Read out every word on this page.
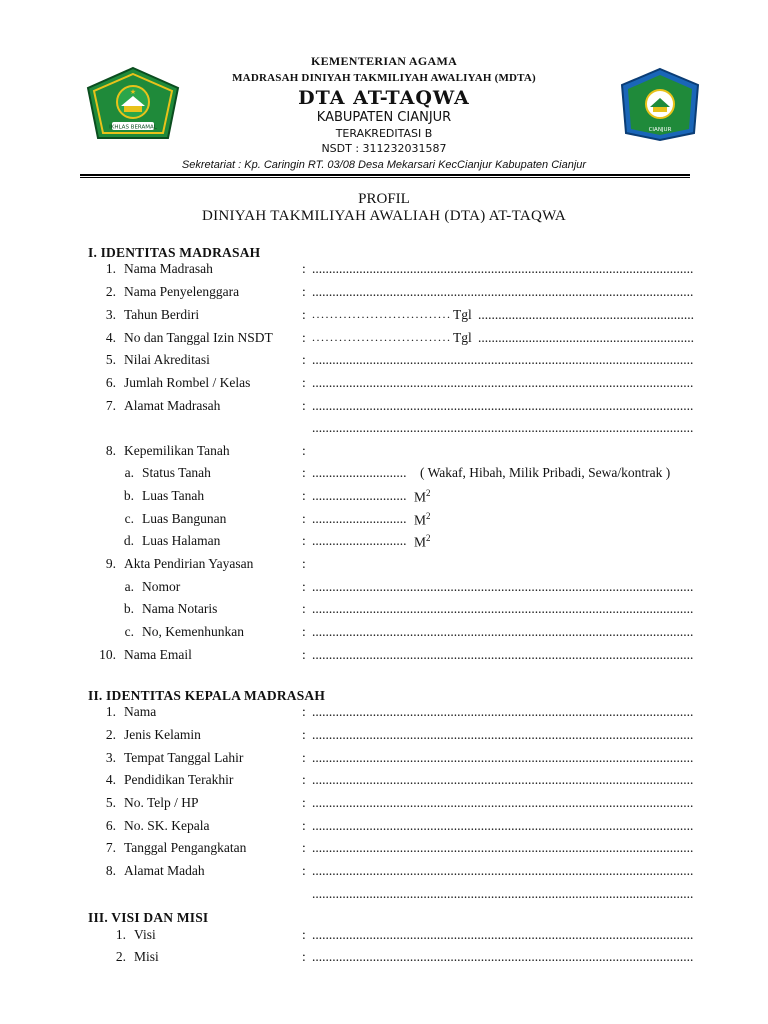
★
IKHLAS BERAMAL	CIANJUR
KEMENTERIAN AGAMA
MADRASAH DINIYAH TAKMILIYAH AWALIYAH (MDTA)
DTA AT-TAQWA
KABUPATEN CIANJUR
TERAKREDITASI B
NSDT : 311232031587
Sekretariat : Kp. Caringin RT. 03/08 Desa Mekarsari KecCianjur Kabupaten Cianjur
PROFIL
DINIYAH TAKMILIYAH AWALIAH (DTA) AT-TAQWA
I. IDENTITAS MADRASAH
1. Nama Madrasah	:
.....
2. Nama Penyelenggara	:
.....
3. Tahun Berdiri	: .....	Tgl
.....
4. No dan Tanggal Izin NSDT : .....	Tgl
.....
5. Nilai Akreditasi	:
.....
6. Jumlah Rombel / Kelas	:
.....
7. Alamat Madrasah	:
.....
.....
8. Kepemilikan Tanah	:
a. Status Tanah	: .....	( Wakaf, Hibah, Milik Pribadi, Sewa/kontrak )
b. Luas Tanah	: .....	$M^2$
c. Luas Bangunan	: .....	$M^2$
d. Luas Halaman	: .....	$M^2$
9. Akta Pendirian Yayasan	:
a. Nomor	:
.....
b. Nama Notaris	:
.....
c. No, Kemenhunkan	:
.....
10. Nama Email	:
.....
II. IDENTITAS KEPALA MADRASAH
1. Nama	:
.....
2. Jenis Kelamin	:
.....
3. Tempat Tanggal Lahir	:
.....
4. Pendidikan Terakhir	:
.....
5. No. Telp / HP	:
.....
6. No. SK. Kepala	:
.....
7. Tanggal Pengangkatan	:
.....
8. Alamat Madah	:
.....
.....
III. VISI DAN MISI
1. Visi	:
.....
2. Misi	:
.....
